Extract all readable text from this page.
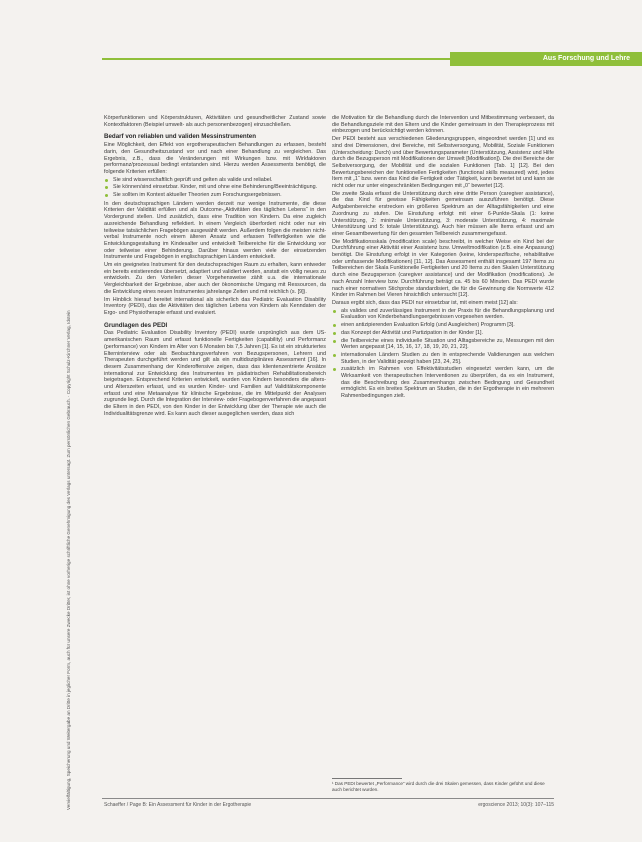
Aus Forschung und Lehre
Vervielfältigung, Speicherung und Weitergabe an Dritte in jeglicher Form, auch für unsere Zwecke Dritter, ist ohne vorherige schriftliche Genehmigung des Verlags untersagt. Zum persönlichen Gebrauch. · Copyright Schulz-Kirchner Verlag, Idstein

Körperfunktionen und Körperstrukturen, Aktivitäten und gesundheitlicher Zustand sowie Kontextfaktoren (Beispiel umwelt- als auch personenbezogen) einzuschließen.

Bedarf von reliablen und validen Messinstrumenten

Eine Möglichkeit, den Effekt von ergotherapeutischen Behandlungen zu erfassen, besteht darin, den Gesundheitszustand vor und nach einer Behandlung zu vergleichen. Das Ergebnis, z.B., dass die Veränderungen mit Wirkungen bzw. mit Wirkfaktoren performanz/prozessual bedingt entstanden sind. Hierzu werden Assessments benötigt, die folgende Kriterien erfüllen:

Sie sind wissenschaftlich geprüft und gelten als valide und reliabel.
Sie können/sind einsetzbar. Kinder, mit und ohne eine Behinderung/Beeinträchtigung.
Sie sollten im Kontext aktueller Theorien zum Forschungsergebnissen.

In den deutschsprachigen Ländern werden derzeit nur wenige Instrumente, die diese Kriterien der Validität erfüllen und als Outcome-„Aktivitäten des täglichen Lebens“ in den Vordergrund stellen. Und zusätzlich, dass eine Tradition von Kindern. Da eine zugleich ausreichende Behandlung reflektiert. In einem Vergleich überfordert nicht oder nur ein teilweise tatsächlichen Fragebögen ausgewählt werden. Außerdem folgen die meisten nicht-verbal Instrumente noch einem älteren Ansatz und erfassen Teilfertigkeiten wie die Entwicklungsgestaltung im Kindesalter und entwickelt Teilbereiche für die Entwicklung vor oder teilweise einer Behinderung. Darüber hinaus werden viele der einsetzenden Instrumente und Fragebögen in englischsprachigen Ländern entwickelt.

Um ein geeignetes Instrument für den deutschsprachigen Raum zu erhalten, kann entweder ein bereits existierendes übersetzt, adaptiert und validiert werden, anstatt ein völlig neues zu entwickeln. Zu den Vorteilen dieser Vorgehensweise zählt u.a. die internationale Vergleichbarkeit der Ergebnisse, aber auch der ökonomische Umgang mit Ressourcen, da die Entwicklung eines neuen Instrumentes jahrelange Zeiten und mit reichlich (s. [9]).

Im Hinblick hierauf bereitet international als sicherlich das Pediatric Evaluation Disability Inventory (PEDI), das die Aktivitäten des täglichen Lebens von Kindern als Kenndaten der Ergo- und Physiotherapie erfasst und evaluiert.

Grundlagen des PEDI

Das Pediatric Evaluation Disability Inventory (PEDI) wurde ursprünglich aus dem US-amerikanischen Raum und erfasst funktionelle Fertigkeiten (capability) und Performanz (performance) von Kindern im Alter von 6 Monaten bis 7,5 Jahren [1]. Es ist ein strukturiertes Elterninterview oder als Beobachtungsverfahren von Bezugspersonen, Lehrern und Therapeuten durchgeführt werden und gilt als ein multidisziplinäres Assessment [16]. In diesem Zusammenhang der Kinderoffensive zeigen, dass das klientenzentrierte Ansätze international zur Entwicklung des Instrumentes im pädiatrischen Rehabilitationsbereich beigetragen. Entsprechend Kriterien entwickelt, wurden von Kindern besonders die alters- und Alterszeiten erfasst, und es wurden Kinder- und Familien auf Validitätskomponente erfasst und eine Metaanalyse für klinische Ergebnisse, die im Mittelpunkt der Analysen zugrunde liegt. Durch die Integration der Interview- oder Fragebogenverfahren die angepasst die Eltern in den PEDI, von den Kinder in der Entwicklung über der Therapie wie auch die Individualitätsgrenze wird. Es kann auch dieser ausgeglichen werden, dass sich

die Motivation für die Behandlung durch die Intervention und Mitbestimmung verbessert, da die Behandlungsziele mit den Eltern und die Kinder gemeinsam in den Therapieprozess mit einbezogen und berücksichtigt werden können.

Der PEDI besteht aus verschiedenen Gliederungsgruppen, eingeordnet werden [1] und es sind drei Dimensionen, drei Bereiche, mit Selbstversorgung, Mobilität, Soziale Funktionen (Unterscheidung: Durch) und über Bewertungsparameter (Unterstützung, Assistenz und Hilfe durch die Bezugsperson mit Modifikationen der Umwelt [Modifikation]). Die drei Bereiche der Selbstversorgung, der Mobilität und die sozialen Funktionen [Tab. 1] [12]. Bei den Bewertungsbereichen der funktionellen Fertigkeiten (functional skills measured) wird, jedes Item mit „1“ bzw. wenn das Kind die Fertigkeit oder Tätigkeit, kann bewertet ist und kann sie nicht oder nur unter eingeschränkten Bedingungen mit „0“ bewertet [12].

Die zweite Skala erfasst die Unterstützung durch eine dritte Person (caregiver assistance), die das Kind für gewisse Fähigkeiten gemeinsam auszuführen benötigt. Diese Aufgabenbereiche erstrecken ein größeres Spektrum an der Alltagsfähigkeiten und eine Zuordnung zu stufen. Die Einstufung erfolgt mit einer 6-Punkte-Skala (1: keine Unterstützung, 2: minimale Unterstützung, 3: moderate Unterstützung, 4: maximale Unterstützung und 5: totale Unterstützung). Auch hier müssen alle Items erfasst und am einer Gesamtbewertung für den gesamten Teilbereich zusammengefasst.

Die Modifikationsskala (modification scale) beschreibt, in welcher Weise ein Kind bei der Durchführung einer Aktivität einer Assistenz bzw. Umweltmodifikation (z.B. eine Anpassung) benötigt. Die Einstufung erfolgt in vier Kategorien (keine, kinderspezifische, rehabilitative oder umfassende Modifikationen) [11, 12]. Das Assessment enthält insgesamt 197 Items zu Teilbereichen der Skala Funktionelle Fertigkeiten und 20 Items zu den Skalen Unterstützung durch eine Bezugsperson (caregiver assistance) und der Modifikation (modifications). Je nach Anzahl Interview bzw. Durchführung beträgt ca. 45 bis 60 Minuten. Das PEDI wurde nach einer normativen Stichprobe standardisiert, die für die Gewinnung die Normwerte 412 Kinder im Rahmen bei Vieren hinsichtlich untersucht [12].

Daraus ergibt sich, dass das PEDI nur einsetzbar ist, mit einem meist [12] als:

als valides und zuverlässiges Instrument in der Praxis für die Behandlungsplanung und Evaluation von Kinderbehandlungsergebnissen vorgesehen werden.
einen antizipierenden Evaluation Erfolg (und Ausgleichen) Programm [3].
das Konzept der Aktivität und Partizipation in der Kinder [1].
die Teilbereiche eines individuelle Situation und Alltagsbereiche zu, Messungen mit den Werten angepasst [14, 15, 16, 17, 18, 19, 20, 21, 22].
internationalen Ländern Studien zu den in entsprechende Validierungen aus welchen Studien, in der Validität gezeigt haben [23, 24, 25].
zusätzlich im Rahmen von Effektivitätsstudien eingesetzt werden kann, um die Wirksamkeit von therapeutischen Interventionen zu überprüfen, da es ein Instrument, das die Beschreibung des Zusammenhangs zwischen Bedingung und Gesundheit ermöglicht. Es ein breites Spektrum an Studien, die in der Ergotherapie in ein mehreren Rahmenbedingungen zielt.
¹ Das PEDI bewertet „Performance“ wird durch die drei Skalen gemessen, dass Kinder geführt und diese auch berichtet wurden.
Schaeffer / Page B: Ein Assessment für Kinder in der Ergotherapie	ergoscience 2013; 10(3): 107–115
